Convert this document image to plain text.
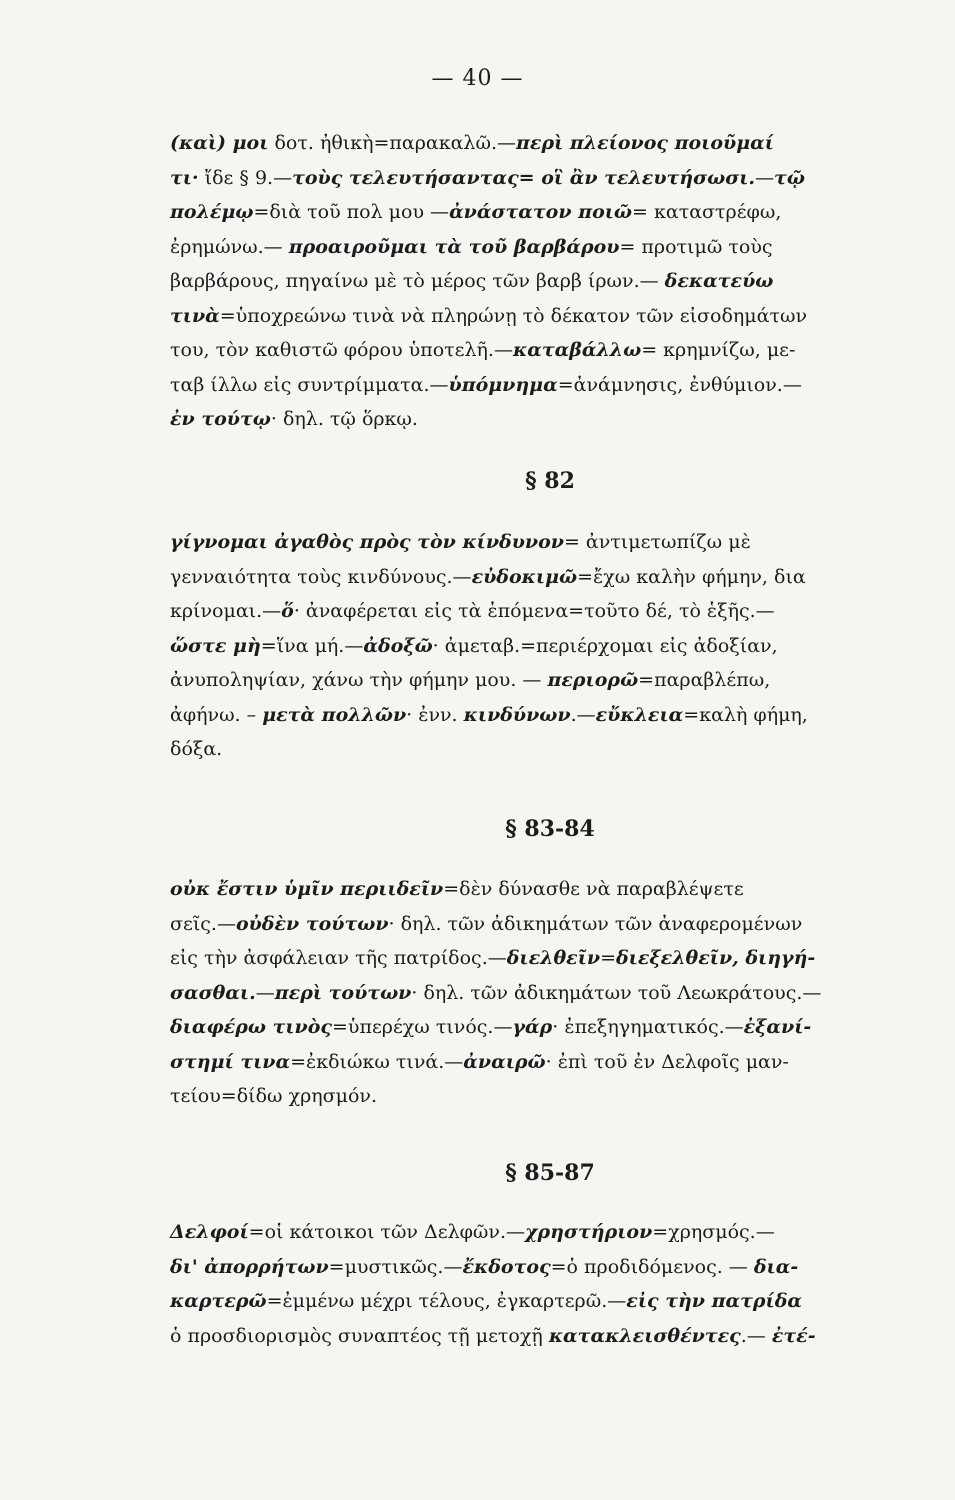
— 40 —

(καὶ) μοι δοτ. ἠθικὴ=παρακαλῶ.—περὶ πλείονος ποιοῦμαί
τι· ἴδε § 9.—τοὺς τελευτήσαντας= οἳ ἂν τελευτήσωσι.—τῷ
πολέμῳ=διὰ τοῦ πολ μου —ἀνάστατον ποιῶ= καταστρέφω,
ἐρημώνω.— προαιροῦμαι τὰ τοῦ βαρβάρου= προτιμῶ τοὺς
βαρβάρους, πηγαίνω μὲ τὸ μέρος τῶν βαρβ ίρων.— δεκατεύω
τινὰ=ὑποχρεώνω τινὰ νὰ πληρώνῃ τὸ δέκατον τῶν εἰσοδημάτων
του, τὸν καθιστῶ φόρου ὑποτελῆ.—καταβάλλω= κρημνίζω, με-
ταβ ίλλω εἰς συντρίμματα.—ὑπόμνημα=ἀνάμνησις, ἐνθύμιον.—
ἐν τούτῳ· δηλ. τῷ ὅρκῳ.

§ 82

γίγνομαι ἀγαθὸς πρὸς τὸν κίνδυνον= ἀντιμετωπίζω μὲ
γενναιότητα τοὺς κινδύνους.—εὐδοκιμῶ=ἔχω καλὴν φήμην, δια
κρίνομαι.—ὅ· ἀναφέρεται εἰς τὰ ἑπόμενα=τοῦτο δέ, τὸ ἑξῆς.—
ὥστε μὴ=ἵνα μή.—ἀδοξῶ· ἀμεταβ.=περιέρχομαι εἰς ἀδοξίαν,
ἀνυποληψίαν, χάνω τὴν φήμην μου. — περιορῶ=παραβλέπω,
ἀφήνω. – μετὰ πολλῶν· ἐνν. κινδύνων.—εὔκλεια=καλὴ φήμη,
δόξα.

§ 83-84

οὐκ ἔστιν ὑμῖν περιιδεῖν=δὲν δύνασθε νὰ παραβλέψετε
σεῖς.—οὐδὲν τούτων· δηλ. τῶν ἀδικημάτων τῶν ἀναφερομένων
εἰς τὴν ἀσφάλειαν τῆς πατρίδος.—διελθεῖν=διεξελθεῖν, διηγή-
σασθαι.—περὶ τούτων· δηλ. τῶν ἀδικημάτων τοῦ Λεωκράτους.—
διαφέρω τινὸς=ὑπερέχω τινός.—γάρ· ἐπεξηγηματικός.—ἐξανί-
στημί τινα=ἐκδιώκω τινά.—ἀναιρῶ· ἐπὶ τοῦ ἐν Δελφοῖς μαν-
τείου=δίδω χρησμόν.

§ 85-87

Δελφοί=οἱ κάτοικοι τῶν Δελφῶν.—χρηστήριον=χρησμός.—
δι' ἀπορρήτων=μυστικῶς.—ἔκδοτος=ὁ προδιδόμενος. — δια-
καρτερῶ=ἐμμένω μέχρι τέλους, ἐγκαρτερῶ.—εἰς τὴν πατρίδα
ὁ προσδιορισμὸς συναπτέος τῇ μετοχῇ κατακλεισθέντες.— ἐτέ-
